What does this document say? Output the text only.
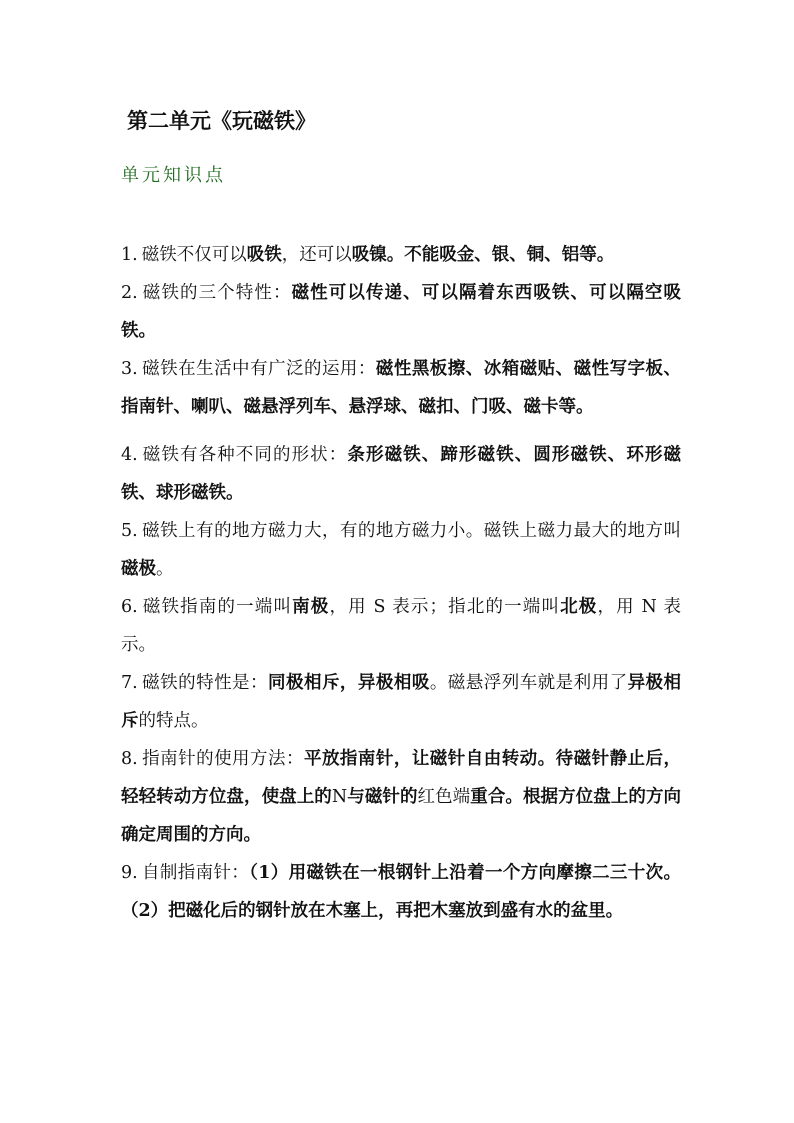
第二单元《玩磁铁》
单元知识点
1. 磁铁不仅可以吸铁，还可以吸镍。不能吸金、银、铜、铝等。
2. 磁铁的三个特性：磁性可以传递、可以隔着东西吸铁、可以隔空吸铁。
3. 磁铁在生活中有广泛的运用：磁性黑板擦、冰箱磁贴、磁性写字板、指南针、喇叭、磁悬浮列车、悬浮球、磁扣、门吸、磁卡等。
4. 磁铁有各种不同的形状：条形磁铁、蹄形磁铁、圆形磁铁、环形磁铁、球形磁铁。
5. 磁铁上有的地方磁力大，有的地方磁力小。磁铁上磁力最大的地方叫磁极。
6. 磁铁指南的一端叫南极，用 S 表示；指北的一端叫北极，用 N 表示。
7. 磁铁的特性是：同极相斥，异极相吸。磁悬浮列车就是利用了异极相斥的特点。
8. 指南针的使用方法：平放指南针，让磁针自由转动。待磁针静止后，轻轻转动方位盘，使盘上的N与磁针的红色端重合。根据方位盘上的方向确定周围的方向。
9. 自制指南针：（1）用磁铁在一根钢针上沿着一个方向摩擦二三十次。（2）把磁化后的钢针放在木塞上，再把木塞放到盛有水的盆里。
